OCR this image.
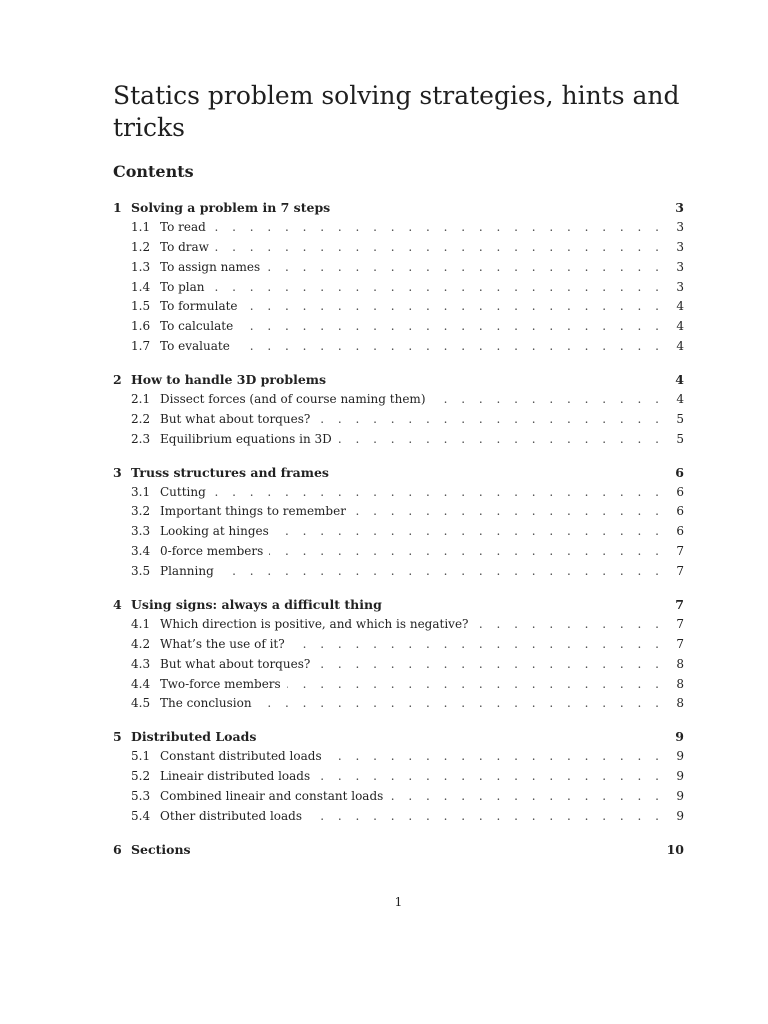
Statics problem solving strategies, hints and tricks
Contents
1 Solving a problem in 7 steps	3
1.1 To read . . .	3
1.2 To draw . . .	3
1.3 To assign names . . .	3
1.4 To plan . . .	3
1.5 To formulate . . .	4
1.6 To calculate . . .	4
1.7 To evaluate . . .	4
2 How to handle 3D problems	4
2.1 Dissect forces (and of course naming them) . . .	4
2.2 But what about torques? . . .	5
2.3 Equilibrium equations in 3D . . .	5
3 Truss structures and frames	6
3.1 Cutting . . .	6
3.2 Important things to remember . . .	6
3.3 Looking at hinges . . .	6
3.4 0-force members . . .	7
3.5 Planning . . .	7
4 Using signs: always a difficult thing	7
4.1 Which direction is positive, and which is negative? . . .	7
4.2 What’s the use of it? . . .	7
4.3 But what about torques? . . .	8
4.4 Two-force members . . .	8
4.5 The conclusion . . .	8
5 Distributed Loads	9
5.1 Constant distributed loads . . .	9
5.2 Lineair distributed loads . . .	9
5.3 Combined lineair and constant loads . . .	9
5.4 Other distributed loads . . .	9
6 Sections	10
1
